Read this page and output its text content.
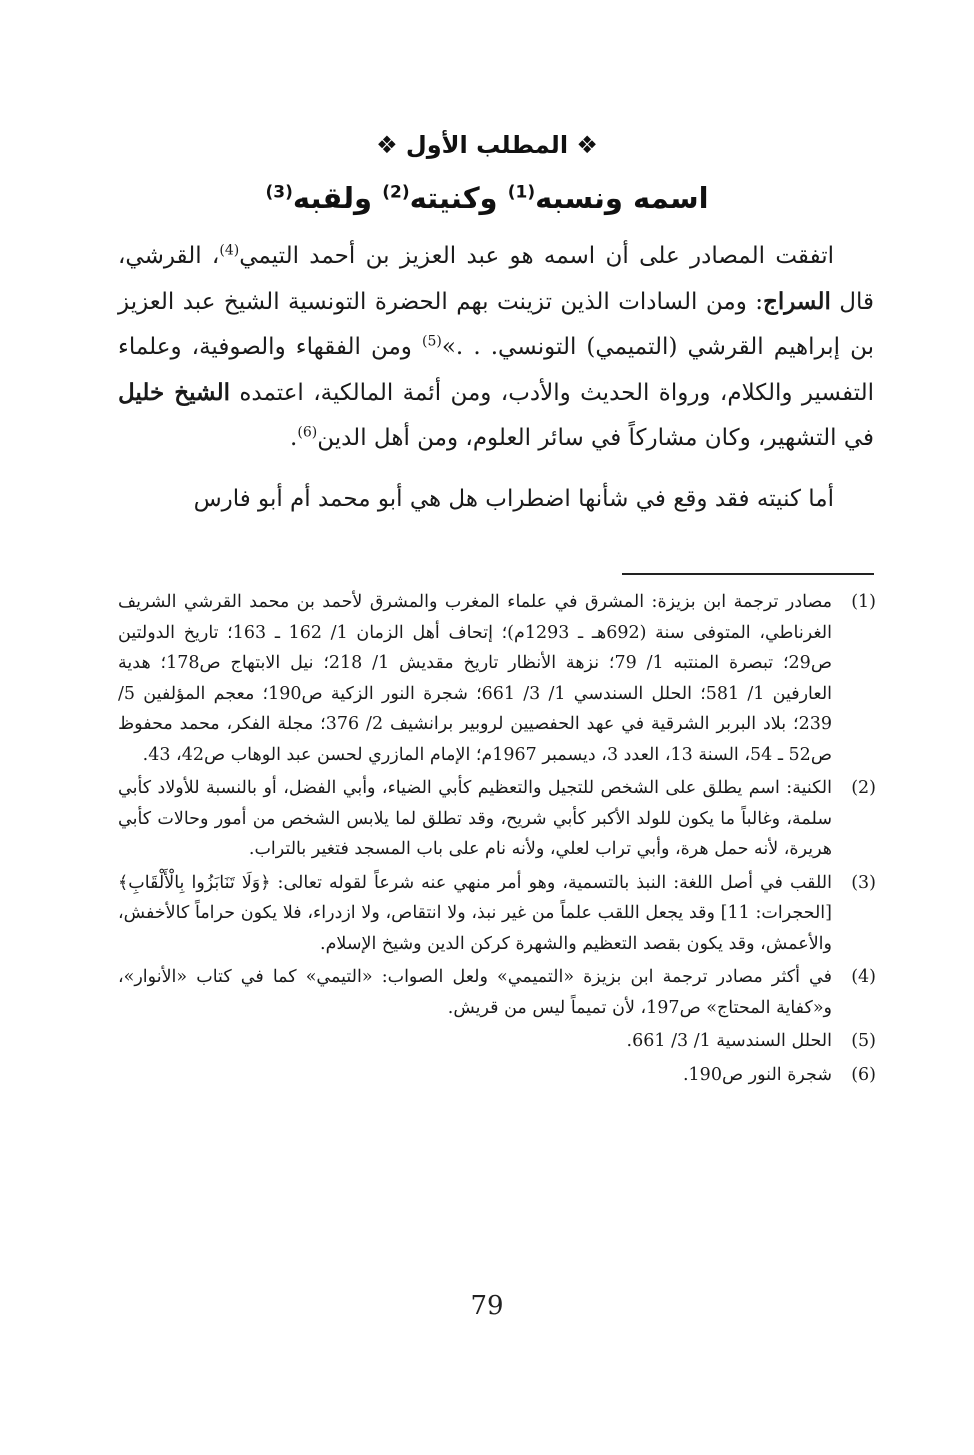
❖ المطلب الأول ❖
اسمه ونسبه$^{(1)}$ وكنيته$^{(2)}$ ولقبه$^{(3)}$

اتفقت المصادر على أن اسمه هو عبد العزيز بن أحمد التيمي$^{(4)}$، القرشي، قال السراج: ومن السادات الذين تزينت بهم الحضرة التونسية الشيخ عبد العزيز بن إبراهيم القرشي (التميمي) التونسي. . .»$^{(5)}$ ومن الفقهاء والصوفية، وعلماء التفسير والكلام، ورواة الحديث والأدب، ومن أئمة المالكية، اعتمده الشيخ خليل في التشهير، وكان مشاركاً في سائر العلوم، ومن أهل الدين$^{(6)}$.

أما كنيته فقد وقع في شأنها اضطراب هل هي أبو محمد أم أبو فارس

(1)
مصادر ترجمة ابن بزيزة: المشرق في علماء المغرب والمشرق لأحمد بن محمد القرشي الشريف الغرناطي، المتوفى سنة (692هـ ـ 1293م)؛ إتحاف أهل الزمان 1/ 162 ـ 163؛ تاريخ الدولتين ص29؛ تبصرة المنتبه 1/ 79؛ نزهة الأنظار تاريخ مقديش 1/ 218؛ نيل الابتهاج ص178؛ هدية العارفين 1/ 581؛ الحلل السندسي 1/ 3/ 661؛ شجرة النور الزكية ص190؛ معجم المؤلفين 5/ 239؛ بلاد البربر الشرقية في عهد الحفصيين لروبير برانشيف 2/ 376؛ مجلة الفكر، محمد محفوظ ص52 ـ 54، السنة 13، العدد 3، ديسمبر 1967م؛ الإمام المازري لحسن عبد الوهاب ص42، 43.
(2)
الكنية: اسم يطلق على الشخص للتجيل والتعظيم كأبي الضياء، وأبي الفضل، أو بالنسبة للأولاد كأبي سلمة، وغالباً ما يكون للولد الأكبر كأبي شريح، وقد تطلق لما يلابس الشخص من أمور وحالات كأبي هريرة، لأنه حمل هرة، وأبي تراب لعلي، ولأنه نام على باب المسجد فتغير بالتراب.
(3)
اللقب في أصل اللغة: النبذ بالتسمية، وهو أمر منهي عنه شرعاً لقوله تعالى: ﴿وَلَا تَنَابَزُوا بِالْأَلْقَابِ﴾ [الحجرات: 11] وقد يجعل اللقب علماً من غير نبذ، ولا انتقاص، ولا ازدراء، فلا يكون حراماً كالأخفش، والأعمش، وقد يكون بقصد التعظيم والشهرة كركن الدين وشيخ الإسلام.
(4)
في أكثر مصادر ترجمة ابن بزيزة «التميمي» ولعل الصواب: «التيمي» كما في كتاب «الأنوار»، و«كفاية المحتاج» ص197، لأن تميماً ليس من قريش.
(5)
الحلل السندسية 1/ 3/ 661.
(6)
شجرة النور ص190.
79
